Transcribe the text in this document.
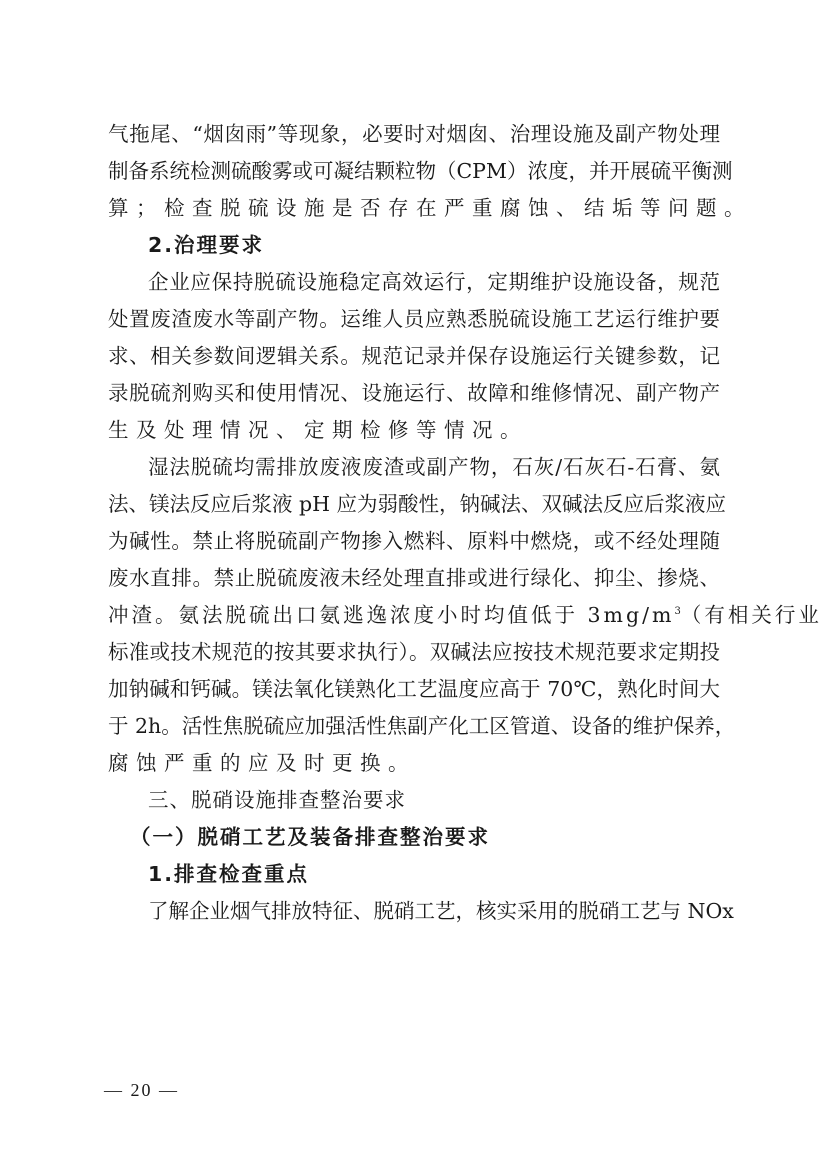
气拖尾、“烟囱雨”等现象，必要时对烟囱、治理设施及副产物处理
制备系统检测硫酸雾或可凝结颗粒物（CPM）浓度，并开展硫平衡测
算；检查脱硫设施是否存在严重腐蚀、结垢等问题。
2.治理要求
企业应保持脱硫设施稳定高效运行，定期维护设施设备，规范
处置废渣废水等副产物。运维人员应熟悉脱硫设施工艺运行维护要
求、相关参数间逻辑关系。规范记录并保存设施运行关键参数，记
录脱硫剂购买和使用情况、设施运行、故障和维修情况、副产物产
生及处理情况、定期检修等情况。
湿法脱硫均需排放废液废渣或副产物，石灰/石灰石-石膏、氨
法、镁法反应后浆液 pH 应为弱酸性，钠碱法、双碱法反应后浆液应
为碱性。禁止将脱硫副产物掺入燃料、原料中燃烧，或不经处理随
废水直排。禁止脱硫废液未经处理直排或进行绿化、抑尘、掺烧、
冲渣。氨法脱硫出口氨逃逸浓度小时均值低于 $3mg/m^3$（有相关行业
标准或技术规范的按其要求执行）。双碱法应按技术规范要求定期投
加钠碱和钙碱。镁法氧化镁熟化工艺温度应高于 70℃，熟化时间大
于 2h。活性焦脱硫应加强活性焦副产化工区管道、设备的维护保养，
腐蚀严重的应及时更换。
三、脱硝设施排查整治要求
（一）脱硝工艺及装备排查整治要求
1.排查检查重点
了解企业烟气排放特征、脱硝工艺，核实采用的脱硝工艺与 NOx
— 20 —
